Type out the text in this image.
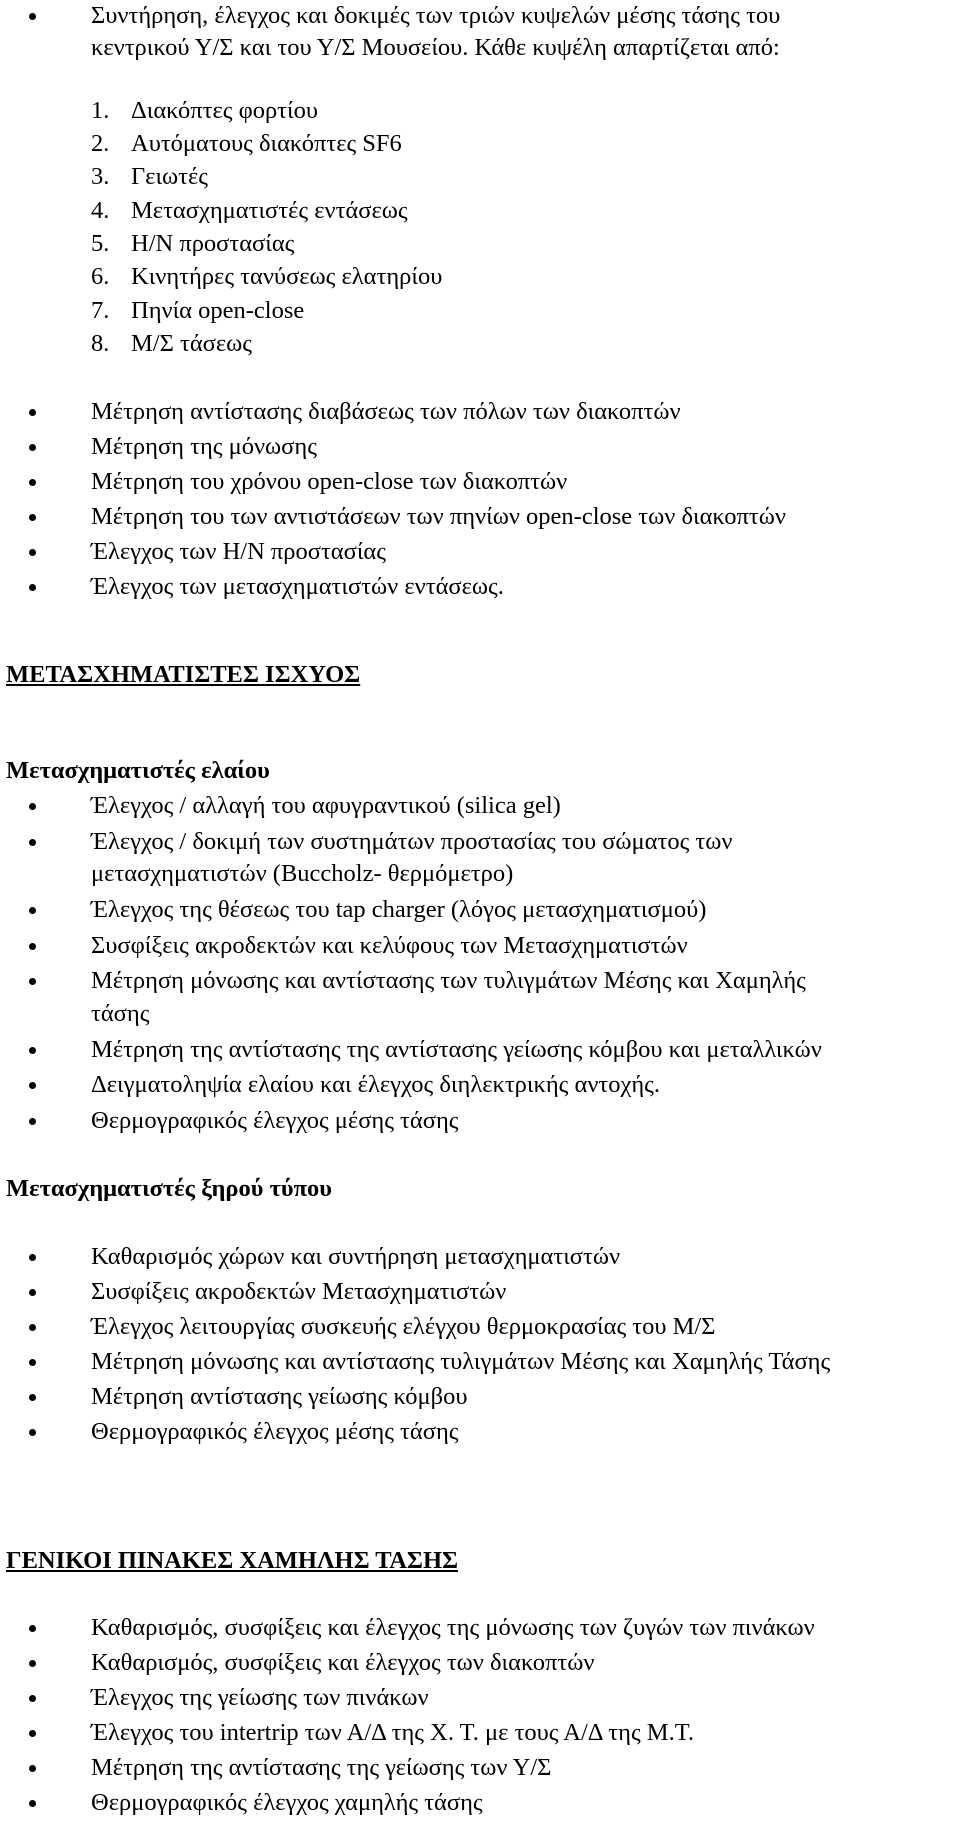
Συντήρηση, έλεγχος και δοκιμές των τριών κυψελών μέσης τάσης του
κεντρικού Υ/Σ και του Υ/Σ Μουσείου. Κάθε κυψέλη απαρτίζεται από:
1. Διακόπτες φορτίου
2. Αυτόματους διακόπτες SF6
3. Γειωτές
4. Μετασχηματιστές εντάσεως
5. Η/Ν προστασίας
6. Κινητήρες τανύσεως ελατηρίου
7. Πηνία open-close
8. Μ/Σ τάσεως
Μέτρηση αντίστασης διαβάσεως των πόλων των διακοπτών
Μέτρηση της μόνωσης
Μέτρηση του χρόνου open-close των διακοπτών
Μέτρηση του των αντιστάσεων των πηνίων open-close των διακοπτών
Έλεγχος των Η/Ν προστασίας
Έλεγχος των μετασχηματιστών εντάσεως.
ΜΕΤΑΣΧΗΜΑΤΙΣΤΕΣ ΙΣΧΥΟΣ
Μετασχηματιστές ελαίου
Έλεγχος / αλλαγή του αφυγραντικού (silica gel)
Έλεγχος / δοκιμή των συστημάτων προστασίας του σώματος των
μετασχηματιστών (Buccholz- θερμόμετρο)
Έλεγχος της θέσεως του tap charger (λόγος μετασχηματισμού)
Συσφίξεις ακροδεκτών και κελύφους των Μετασχηματιστών
Μέτρηση μόνωσης και αντίστασης των τυλιγμάτων Μέσης και Χαμηλής
τάσης
Μέτρηση της αντίστασης της αντίστασης γείωσης κόμβου και μεταλλικών
Δειγματοληψία ελαίου και έλεγχος διηλεκτρικής αντοχής.
Θερμογραφικός έλεγχος μέσης τάσης
Μετασχηματιστές ξηρού τύπου
Καθαρισμός χώρων και συντήρηση μετασχηματιστών
Συσφίξεις ακροδεκτών Μετασχηματιστών
Έλεγχος λειτουργίας συσκευής ελέγχου θερμοκρασίας του Μ/Σ
Μέτρηση μόνωσης και αντίστασης τυλιγμάτων Μέσης και Χαμηλής Τάσης
Μέτρηση αντίστασης γείωσης κόμβου
Θερμογραφικός έλεγχος μέσης τάσης
ΓΕΝΙΚΟΙ ΠΙΝΑΚΕΣ ΧΑΜΗΛΗΣ ΤΑΣΗΣ
Καθαρισμός, συσφίξεις και έλεγχος της μόνωσης των ζυγών των πινάκων
Καθαρισμός, συσφίξεις και έλεγχος των διακοπτών
Έλεγχος της γείωσης των πινάκων
Έλεγχος του intertrip των Α/Δ της Χ. Τ. με τους Α/Δ της Μ.Τ.
Μέτρηση της αντίστασης της γείωσης των Υ/Σ
Θερμογραφικός έλεγχος χαμηλής τάσης
